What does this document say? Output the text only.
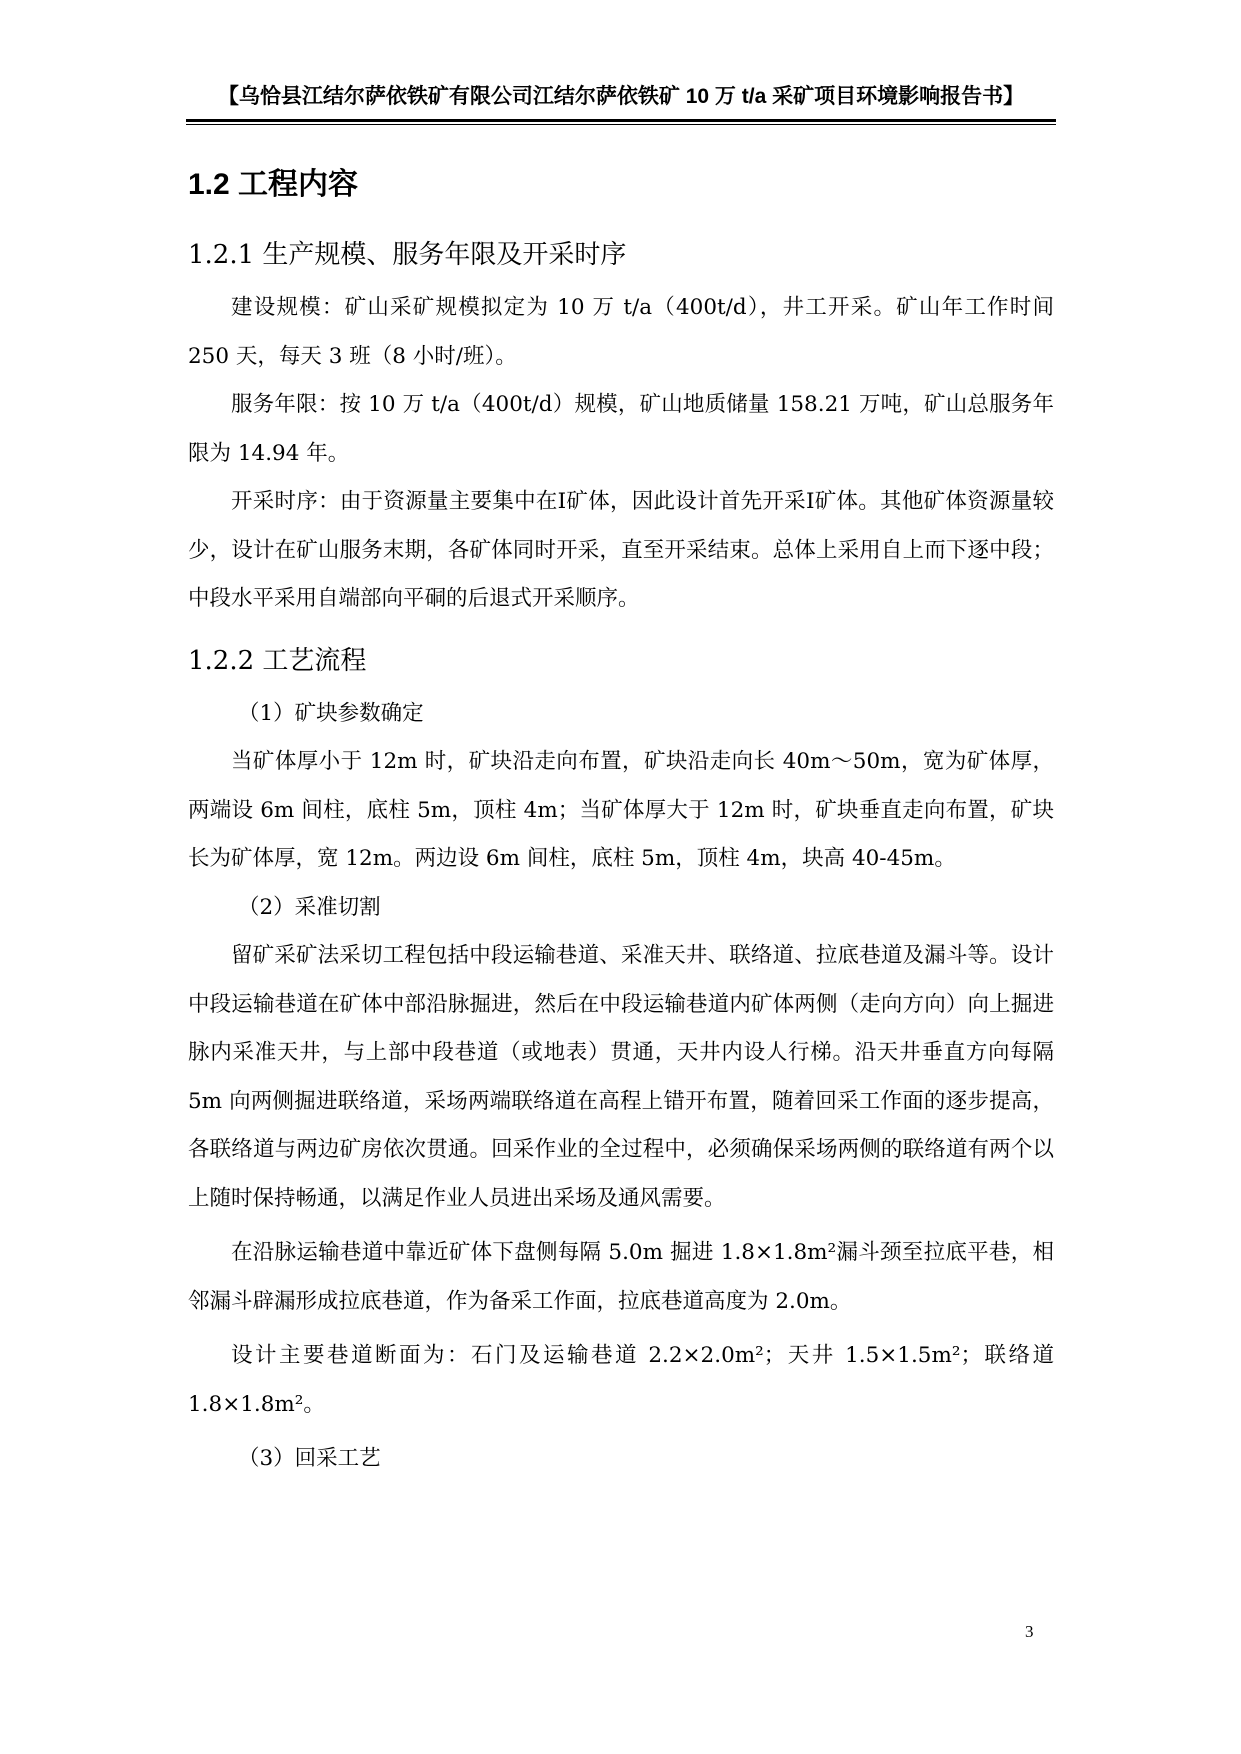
【乌恰县江结尔萨依铁矿有限公司江结尔萨依铁矿 10 万 t/a 采矿项目环境影响报告书】
1.2 工程内容
1.2.1 生产规模、服务年限及开采时序

建设规模：矿山采矿规模拟定为 10 万 t/a（400t/d），井工开采。矿山年工作时间 250 天，每天 3 班（8 小时/班）。

服务年限：按 10 万 t/a（400t/d）规模，矿山地质储量 158.21 万吨，矿山总服务年限为 14.94 年。

开采时序：由于资源量主要集中在Ⅰ矿体，因此设计首先开采Ⅰ矿体。其他矿体资源量较少，设计在矿山服务末期，各矿体同时开采，直至开采结束。总体上采用自上而下逐中段；中段水平采用自端部向平硐的后退式开采顺序。

1.2.2 工艺流程

（1）矿块参数确定

当矿体厚小于 12m 时，矿块沿走向布置，矿块沿走向长 40m～50m，宽为矿体厚，两端设 6m 间柱，底柱 5m，顶柱 4m；当矿体厚大于 12m 时，矿块垂直走向布置，矿块长为矿体厚，宽 12m。两边设 6m 间柱，底柱 5m，顶柱 4m，块高 40-45m。

（2）采准切割

留矿采矿法采切工程包括中段运输巷道、采准天井、联络道、拉底巷道及漏斗等。设计中段运输巷道在矿体中部沿脉掘进，然后在中段运输巷道内矿体两侧（走向方向）向上掘进脉内采准天井，与上部中段巷道（或地表）贯通，天井内设人行梯。沿天井垂直方向每隔 5m 向两侧掘进联络道，采场两端联络道在高程上错开布置，随着回采工作面的逐步提高，各联络道与两边矿房依次贯通。回采作业的全过程中，必须确保采场两侧的联络道有两个以上随时保持畅通，以满足作业人员进出采场及通风需要。

在沿脉运输巷道中靠近矿体下盘侧每隔 5.0m 掘进 1.8×1.8m²漏斗颈至拉底平巷，相邻漏斗辟漏形成拉底巷道，作为备采工作面，拉底巷道高度为 2.0m。

设计主要巷道断面为：石门及运输巷道 2.2×2.0m²；天井 1.5×1.5m²；联络道 1.8×1.8m²。

（3）回采工艺

3
